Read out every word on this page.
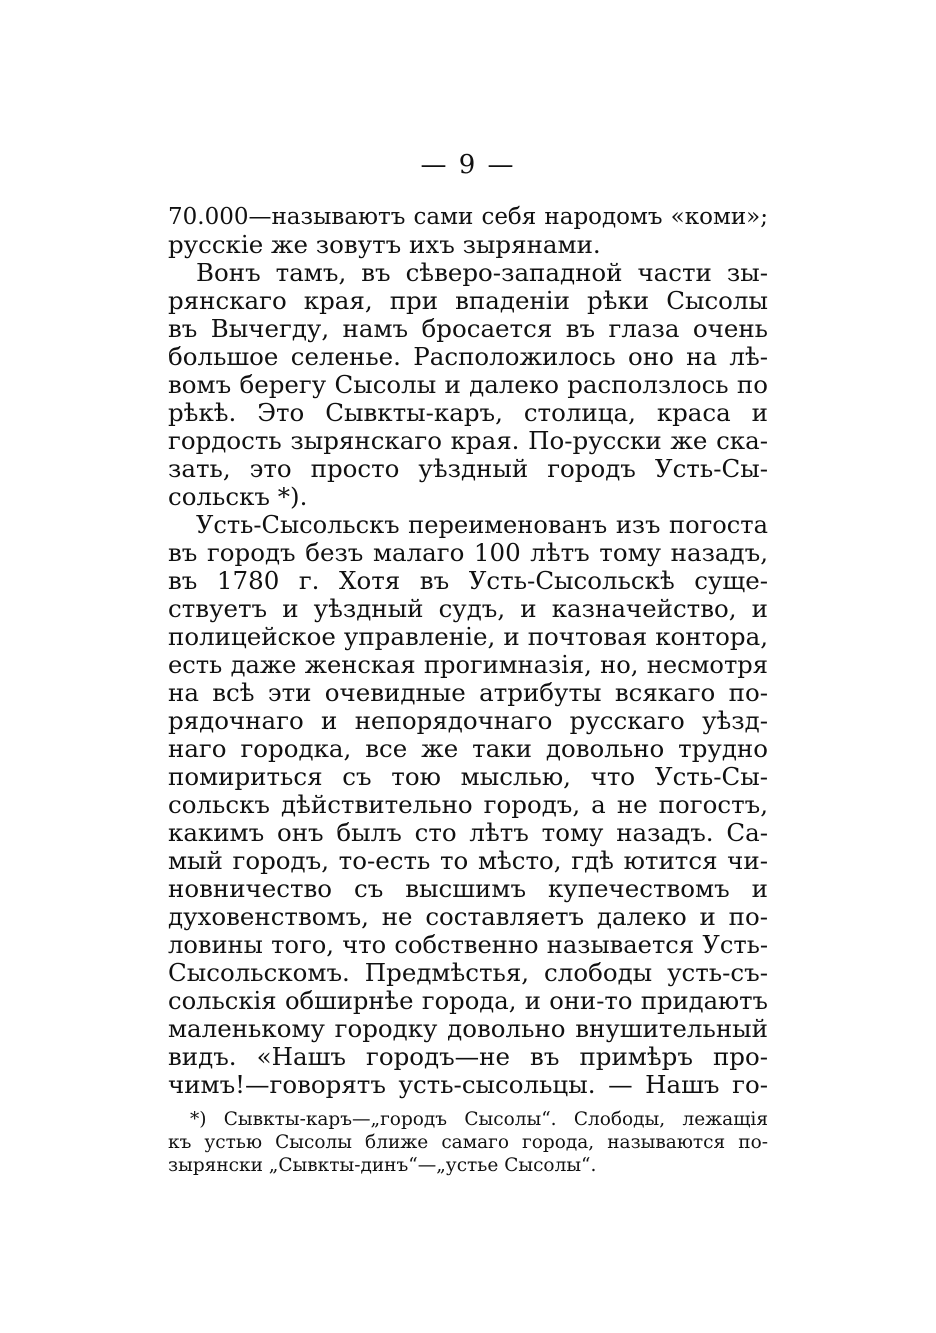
— 9 —
70.000—называютъ сами себя народомъ «коми»;
русскіе же зовутъ ихъ зырянами.
Вонъ тамъ, въ сѣверо-западной части зы-
рянскаго края, при впаденіи рѣки Сысолы
въ Вычегду, намъ бросается въ глаза очень
большое селенье. Расположилось оно на лѣ-
вомъ берегу Сысолы и далеко расползлось по
рѣкѣ. Это Сывкты-каръ, столица, краса и
гордость зырянскаго края. По-русски же ска-
зать, это просто уѣздный городъ Усть-Сы-
сольскъ *).
Усть-Сысольскъ переименованъ изъ погоста
въ городъ безъ малаго 100 лѣтъ тому назадъ,
въ 1780 г. Хотя въ Усть-Сысольскѣ суще-
ствуетъ и уѣздный судъ, и казначейство, и
полицейское управленіе, и почтовая контора,
есть даже женская прогимназія, но, несмотря
на всѣ эти очевидные атрибуты всякаго по-
рядочнаго и непорядочнаго русскаго уѣзд-
наго городка, все же таки довольно трудно
помириться съ тою мыслью, что Усть-Сы-
сольскъ дѣйствительно городъ, а не погостъ,
какимъ онъ былъ сто лѣтъ тому назадъ. Са-
мый городъ, то-есть то мѣсто, гдѣ ютится чи-
новничество съ высшимъ купечествомъ и
духовенствомъ, не составляетъ далеко и по-
ловины того, что собственно называется Усть-
Сысольскомъ. Предмѣстья, слободы усть-съ-
сольскія обширнѣе города, и они-то придаютъ
маленькому городку довольно внушительный
видъ. «Нашъ городъ—не въ примѣръ про-
чимъ!—говорятъ усть-сысольцы. — Нашъ го-
*) Сывкты-каръ—„городъ Сысолы“. Слободы, лежащія
къ устью Сысолы ближе самаго города, называются по-
зырянски „Сывкты-динъ“—„устье Сысолы“.
